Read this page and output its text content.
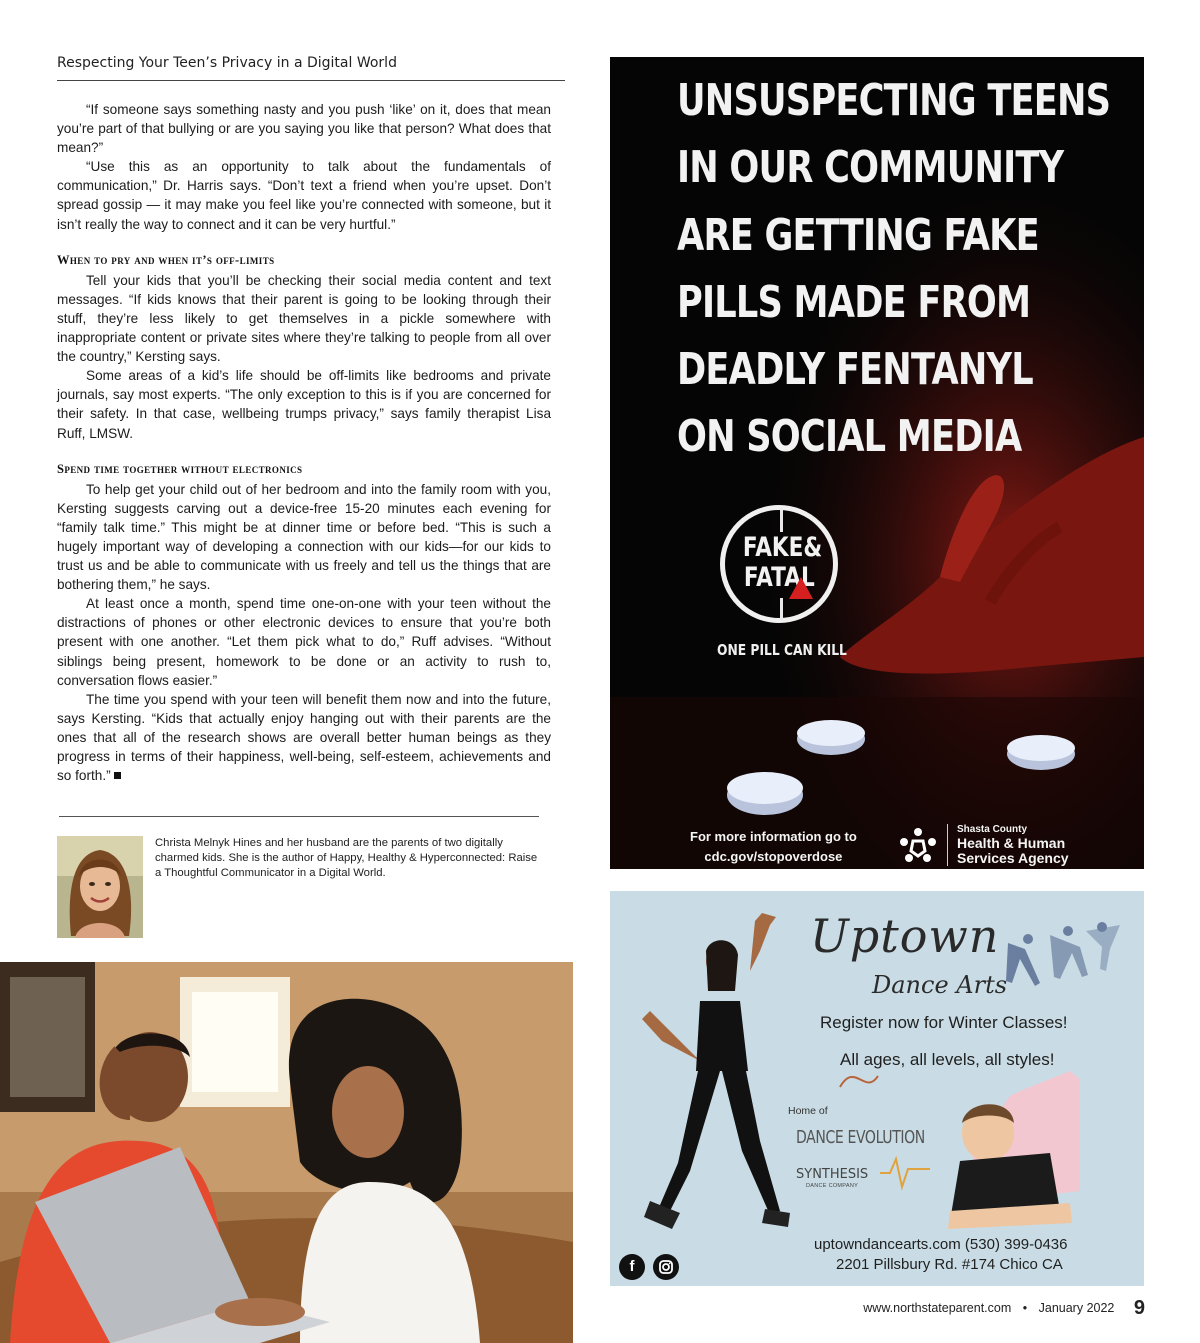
Respecting Your Teen’s Privacy in a Digital World

“If someone says something nasty and you push ‘like’ on it, does that mean you’re part of that bullying or are you saying you like that person? What does that mean?”

“Use this as an opportunity to talk about the fundamentals of communication,” Dr. Harris says. “Don’t text a friend when you’re upset. Don’t spread gossip — it may make you feel like you’re connected with someone, but it isn’t really the way to connect and it can be very hurtful.”

When to pry and when it’s off-limits

Tell your kids that you’ll be checking their social media content and text messages. “If kids knows that their parent is going to be looking through their stuff, they’re less likely to get themselves in a pickle somewhere with inappropriate content or private sites where they’re talking to people from all over the country,” Kersting says.

Some areas of a kid’s life should be off-limits like bedrooms and private journals, say most experts. “The only exception to this is if you are concerned for their safety. In that case, wellbeing trumps privacy,” says family therapist Lisa Ruff, LMSW.

Spend time together without electronics

To help get your child out of her bedroom and into the family room with you, Kersting suggests carving out a device-free 15-20 minutes each evening for “family talk time.” This might be at dinner time or before bed. “This is such a hugely important way of developing a connection with our kids—for our kids to trust us and be able to communicate with us freely and tell us the things that are bothering them,” he says.

At least once a month, spend time one-on-one with your teen without the distractions of phones or other electronic devices to ensure that you’re both present with one another. “Let them pick what to do,” Ruff advises. “Without siblings being present, homework to be done or an activity to rush to, conversation flows easier.”

The time you spend with your teen will benefit them now and into the future, says Kersting. “Kids that actually enjoy hanging out with their parents are the ones that all of the research shows are overall better human beings as they progress in terms of their happiness, well-being, self-esteem, achievements and so forth.”

Christa Melnyk Hines and her husband are the parents of two digitally charmed kids. She is the author of Happy, Healthy & Hyperconnected: Raise a Thoughtful Communicator in a Digital World.
UNSUSPECTING TEENS
IN OUR COMMUNITY
ARE GETTING FAKE
PILLS MADE FROM
DEADLY FENTANYL
ON SOCIAL MEDIA
FAKE&
FATAL
ONE PILL CAN KILL
For more information go to
cdc.gov/stopoverdose
Shasta County
Health & Human
Services Agency
Uptown
Dance Arts
Register now for Winter Classes!
All ages, all levels, all styles!
Home of
DANCE EVOLUTION
SYNTHESIS
DANCE COMPANY
uptowndancearts.com (530) 399-0436
2201 Pillsbury Rd. #174 Chico CA
f
www.northstateparent.com • January 2022 9
